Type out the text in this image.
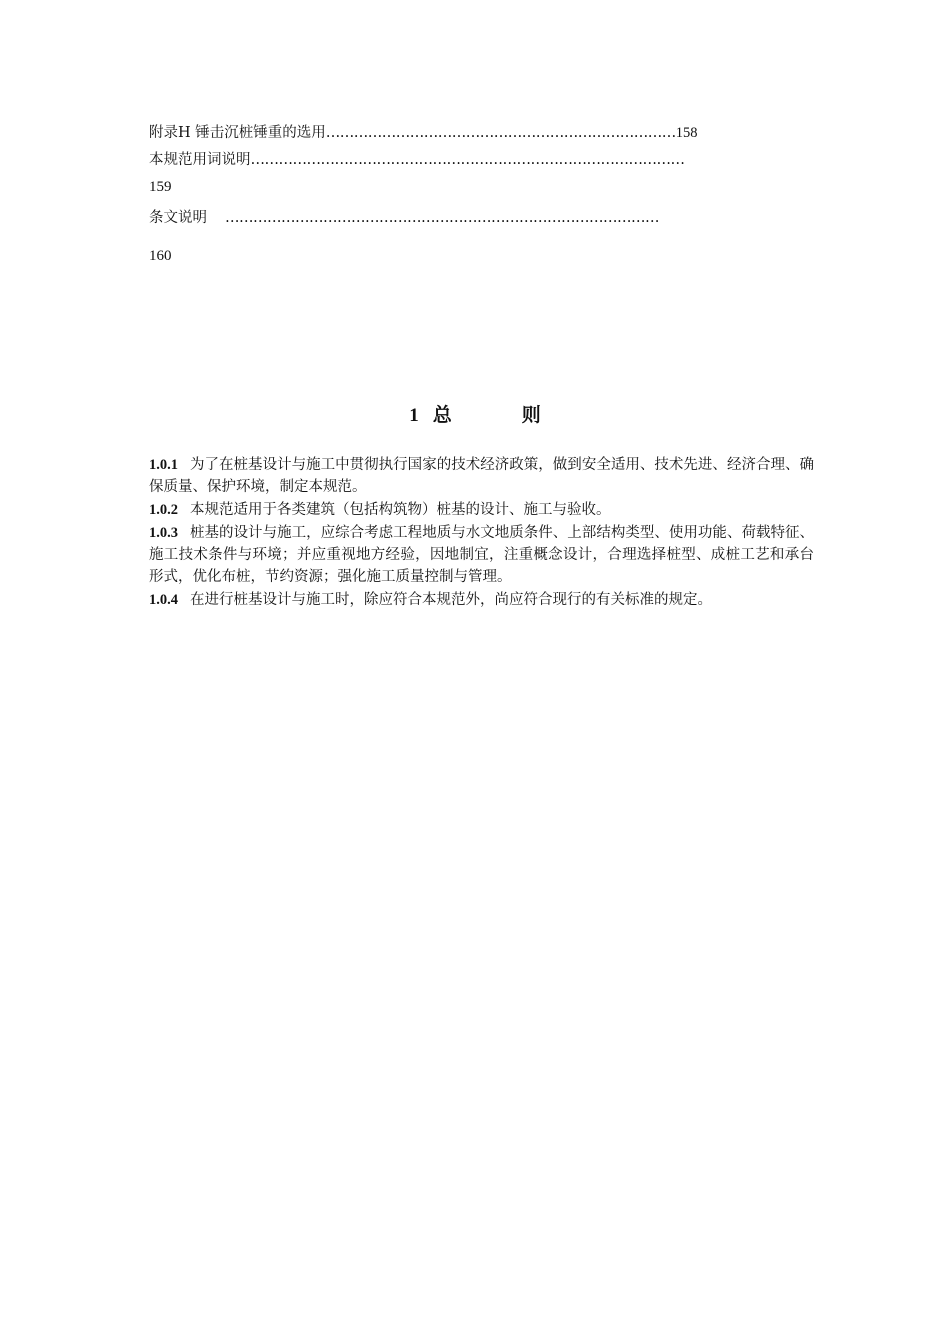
附录H 锤击沉桩锤重的选用…………………………………………………………………158
本规范用词说明…………………………………………………………………………………
159
条文说明 …………………………………………………………………………………
160
1 总	则

1.0.1 为了在桩基设计与施工中贯彻执行国家的技术经济政策，做到安全适用、技术先进、经济合理、确保质量、保护环境，制定本规范。

1.0.2 本规范适用于各类建筑（包括构筑物）桩基的设计、施工与验收。

1.0.3 桩基的设计与施工，应综合考虑工程地质与水文地质条件、上部结构类型、使用功能、荷载特征、施工技术条件与环境；并应重视地方经验，因地制宜，注重概念设计，合理选择桩型、成桩工艺和承台形式，优化布桩，节约资源；强化施工质量控制与管理。

1.0.4 在进行桩基设计与施工时，除应符合本规范外，尚应符合现行的有关标准的规定。
